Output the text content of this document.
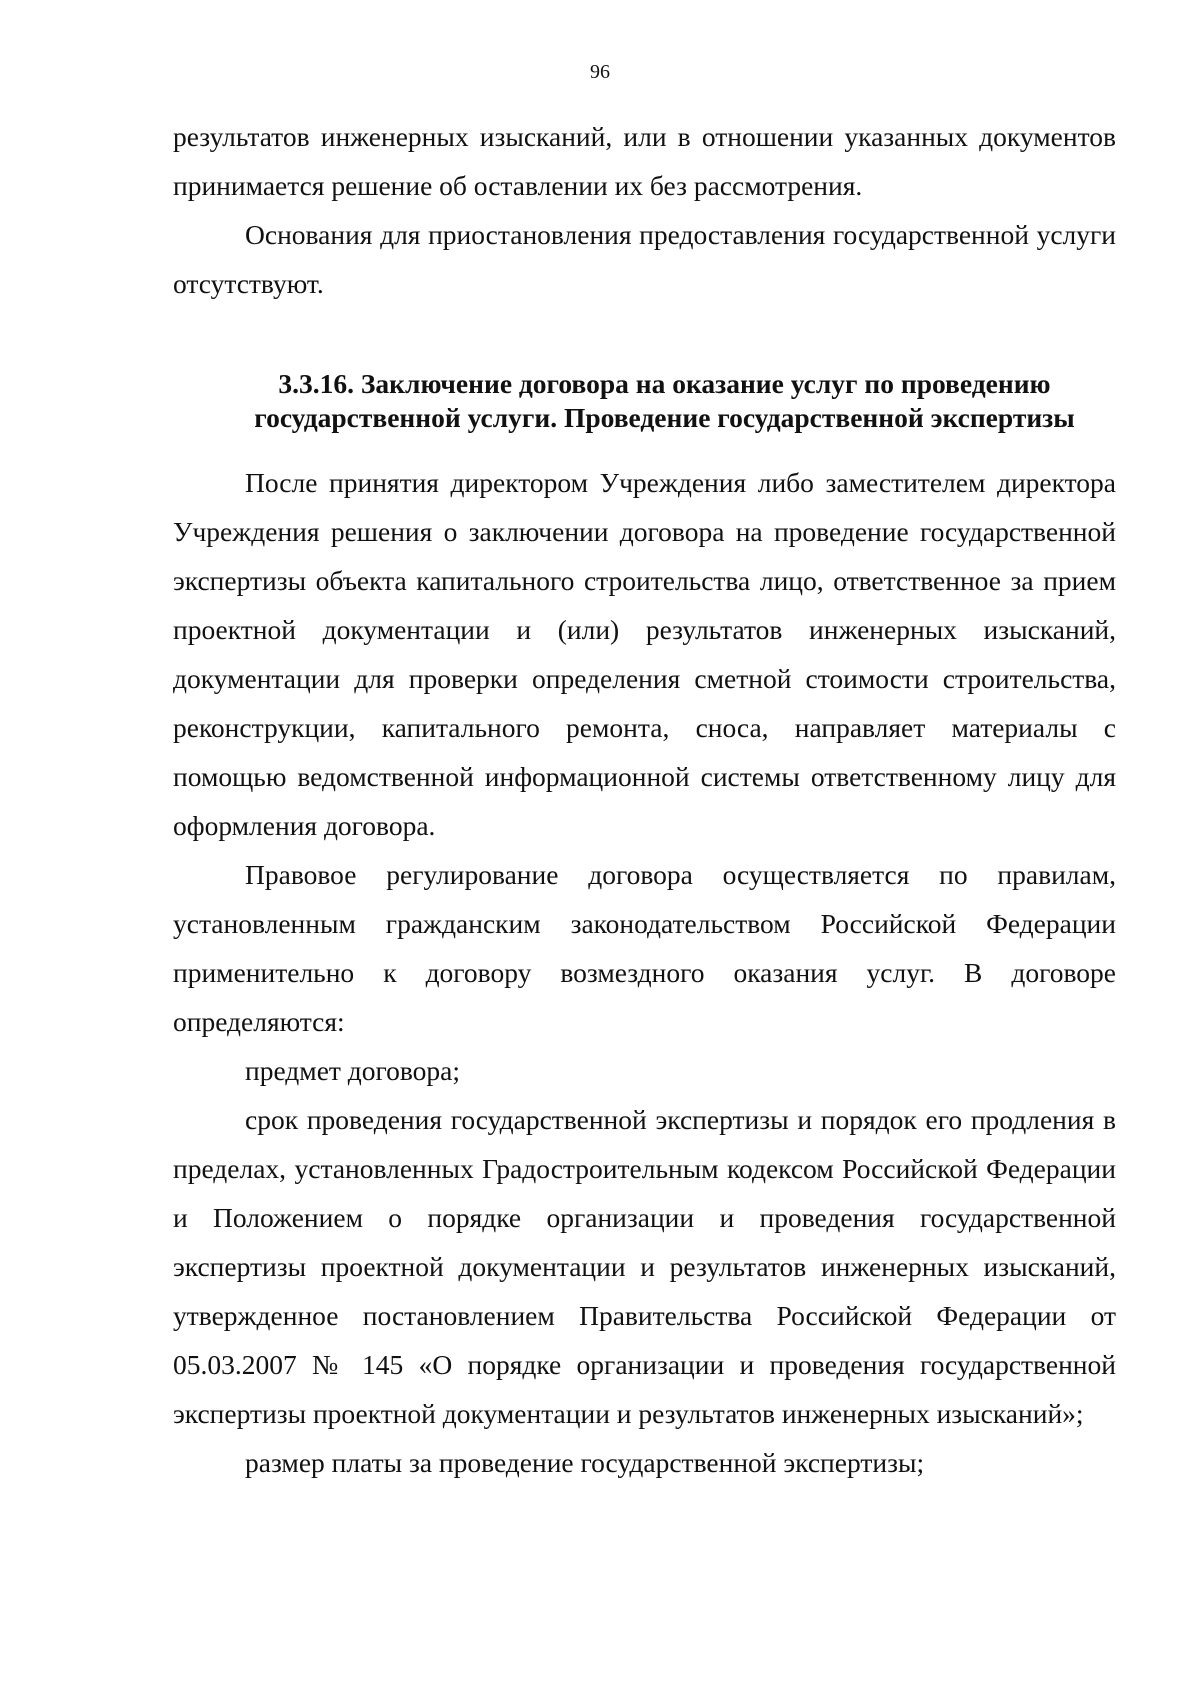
96

результатов инженерных изысканий, или в отношении указанных документов принимается решение об оставлении их без рассмотрения.

Основания для приостановления предоставления государственной услуги отсутствуют.

3.3.16. Заключение договора на оказание услуг по проведению
государственной услуги. Проведение государственной экспертизы

После принятия директором Учреждения либо заместителем директора Учреждения решения о заключении договора на проведение государственной экспертизы объекта капитального строительства лицо, ответственное за прием проектной документации и (или) результатов инженерных изысканий, документации для проверки определения сметной стоимости строительства, реконструкции, капитального ремонта, сноса, направляет материалы с помощью ведомственной информационной системы ответственному лицу для оформления договора.

Правовое регулирование договора осуществляется по правилам, установленным гражданским законодательством Российской Федерации применительно к договору возмездного оказания услуг. В договоре определяются:

предмет договора;

срок проведения государственной экспертизы и порядок его продления в пределах, установленных Градостроительным кодексом Российской Федерации и Положением о порядке организации и проведения государственной экспертизы проектной документации и результатов инженерных изысканий, утвержденное постановлением Правительства Российской Федерации от 05.03.2007 № 145 «О порядке организации и проведения государственной экспертизы проектной документации и результатов инженерных изысканий»;

размер платы за проведение государственной экспертизы;
